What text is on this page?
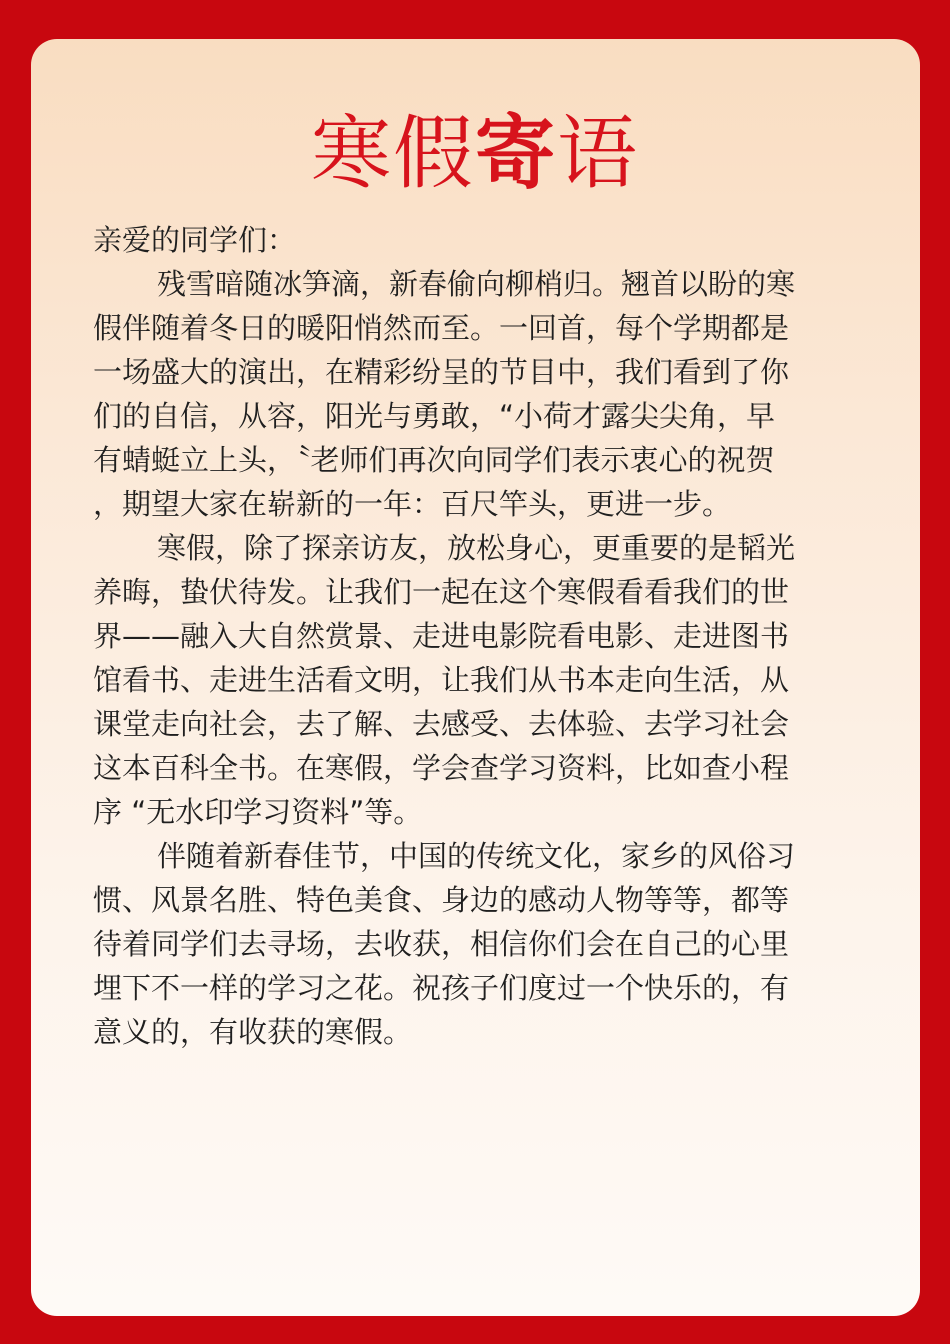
寒假寄语

亲爱的同学们：

残雪暗随冰笋滴，新春偷向柳梢归。翘首以盼的寒
假伴随着冬日的暖阳悄然而至。一回首，每个学期都是
一场盛大的演出，在精彩纷呈的节目中，我们看到了你
们的自信，从容，阳光与勇敢，“小荷才露尖尖角，早
有蜻蜓立上头，〝老师们再次向同学们表示衷心的祝贺
，期望大家在崭新的一年：百尺竿头，更进一步。

寒假，除了探亲访友，放松身心，更重要的是韬光
养晦，蛰伏待发。让我们一起在这个寒假看看我们的世
界——融入大自然赏景、走进电影院看电影、走进图书
馆看书、走进生活看文明，让我们从书本走向生活，从
课堂走向社会，去了解、去感受、去体验、去学习社会
这本百科全书。在寒假，学会查学习资料，比如查小程
序 “无水印学习资料”等。

伴随着新春佳节，中国的传统文化，家乡的风俗习
惯、风景名胜、特色美食、身边的感动人物等等，都等
待着同学们去寻场，去收获，相信你们会在自己的心里
埋下不一样的学习之花。祝孩子们度过一个快乐的，有
意义的，有收获的寒假。
